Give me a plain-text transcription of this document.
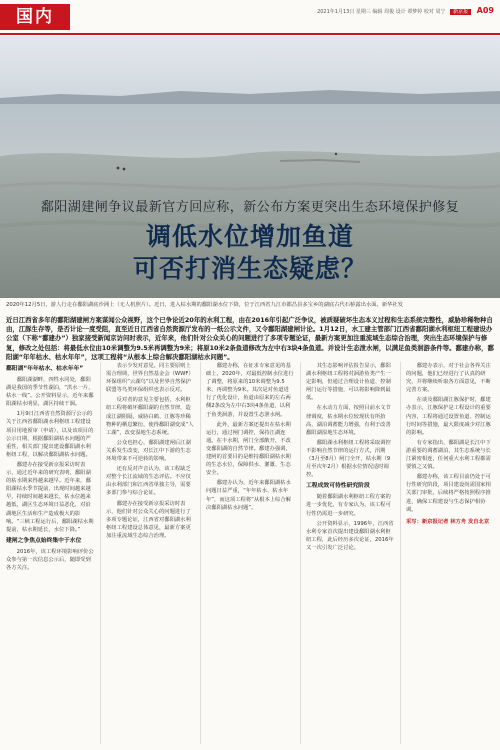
国内	2021年1月13日 星期三 编辑 周俊 设计 谭梦婷 校对 周宁 新京报 A09
鄱阳湖建闸争议最新官方回应称，新公布方案更突出生态环境保护修复
调低水位增加鱼道
可否打消生态疑虑？
2020年12月5日，游人行走在鄱阳湖底沙洲上（无人机照片）。近日，进入枯水期的鄱阳湖水位下降，位于江西省九江市都昌县多宝乡的湖底古代石桥露出水面。新华社发
近日江西省多年的鄱阳湖建闸方案谋闻公众视野，这个已争论近20年的水利工程，由在2016年引起广泛争议，被质疑破坏生态本义过程和生态系统完整性，威胁珍稀物种自由，江豚生存等，是否计论一度受阻，直至近日江西省自然资源厅发布的一纸公示文件，又令鄱阳湖建闸计论。1月12日，水工建主管部门江西省鄱阳湖水利枢纽工程建设办公室（下称“鄱建办”）独家接受新闻京访问时表示，近年来，他们针对公众关心的问题进行了多项专题论证，最新方案更加注重流域生态综合治理，突出生态环境保护与修复，修改之处包括：将最低水位由10米调整为9.5米再调整为9米；将原10米2条鱼道修改为左中右3块4条鱼道。并设计生态泄水闸，以满足鱼类洄游条件等。鄱建办称，鄱阳湖“年年枯水、枯水年年”，这项工程将“从根本上综合解决鄱阳湖枯水问题”。
鄱阳湖“年年枯水、枯水年年”

鄱阳湖湖畔，四牲水同处，鄱阳湖是我国的季节性湖泊，“洪水一片，枯水一线”。公开资料显示，近年来鄱阳湖枯水明显，湖区持续干涸。

1月9日江西省自然资源厅公示的关于江西省鄱阳湖水利枢纽工程建设项目用地预审（申请），以及该项目的公示日期，根据鄱阳湖枯水问题的严重性，相关部门提出建设鄱阳湖水利枢纽工程，以解决鄱阳湖枯水问题。

鄱建办在接受新京报采访时表示，通过近年来的研究表明，鄱阳湖的枯水期来得越来越早。近年来，鄱阳湖枯水季节提前，出现时间越来越早，持续时间越来越长，枯水位越来越低，湖区生态环境日益恶化，对沿湖地区生活和生产造成极大的影响。“三峡工程运行后，鄱阳湖枯水期提前，枯水期延长，水位下降。”

建闸之争焦点始终集中于水位

2016年，该工程环境影响评价公众参与第一次信息公示后，随即受到各方关注。

表示少发对意见，同主要原则上需合理调，世界自然基金会（WWF）环保组织“云湖鸟”以及世界自然保护联盟等鸟类环保组织也表示反对。

反对者的意见主要包括，水利枢纽工程将破坏鄱阳湖的自然节律，造成江湖阻隔，威胁白鹤、江豚等珍稀物种的栖息繁衍，使得鄱阳湖变成“人工湖”，改变湿地生态系统。

公众也担心，鄱阳湖建闸后江湖关系发生改变，对长江中下游的生态环境带来不可逆转的影响。

还有反对声音认为，该工程缺乏对整个长江流域的生态评估。不应仅由水利部门和江西省单独主导，需要多部门参与综合论证。

鄱建办在接受新京报采访时表示，他们针对公众关心的问题进行了多项专题论证，江西省对鄱阳湖水利枢纽工程建设总体意见，最新方案更加注重流域生态综合治理。

鄱建办称，在征求专家意见的基础上，2020年，对最低控制水位进行了调整，将原来的10米调整为9.5米，再调整为9米。其次是对鱼道进行了优化设计，鱼道由原来的左右两侧2条改为左中右3块4条鱼道，以利于鱼类洄游，并设置生态泄水闸。

此外，最新方案还提出在枯水期运行，通过闸门调控，保持江湖连通。在丰水期，闸门全部敞开，不改变鄱阳湖的自然节律。鄱建办强调，建闸的首要目的是维持鄱阳湖枯水期的生态水位，保障供水、灌溉、生态安全。

鄱建办认为，近年来鄱阳湖枯水问题日益严重，“年年枯水、枯水年年”，而这项工程将“从根本上综合解决鄱阳湖枯水问题”。

其生态影响评估报告显示，鄱阳湖水利枢纽工程将对洄游鱼类产生一定影响，但通过合理设计鱼道、控制闸门运行等措施，可以将影响降到最低。

在水动力方面，按照目前水文节律调度，枯水期水位较现状有所抬高，湖泊调蓄能力增强，有利于改善鄱阳湖湿地生态环境。

鄱阳湖水利枢纽工程将采取调控不影响自然节律的运行方式，汛期（3月至8月）闸门全开，枯水期（9月至次年2月）根据水位情况适时调控。

工程成效可待性研究阶段

随着鄱阳湖水利枢纽工程方案的进一步优化，有专家认为，该工程可行性仍需进一步研究。

公开资料显示，1996年，江西省水利专家首次提出建设鄱阳湖水利枢纽工程，此后经历多次论证，2016年又一次引发广泛讨论。

鄱建办表示，对于社会各界关注的问题，他们已经进行了认真的研究，并将继续听取各方面意见，不断完善方案。

在谈及鄱阳湖江豚保护时，鄱建办表示，江豚保护是工程设计的重要内容，工程将通过设置鱼道、控制运行时间等措施，最大限度减少对江豚的影响。

有专家指出，鄱阳湖是长江中下游重要的调蓄湖泊，其生态系统与长江紧密相连，任何重大水利工程都需要慎之又慎。

鄱建办称，该工程目前仍处于可行性研究阶段，项目建设尚需国家相关部门审批，后续将严格按照程序推进，确保工程建设与生态保护相协调。

采写：新京报记者 林方舟 发自北京
